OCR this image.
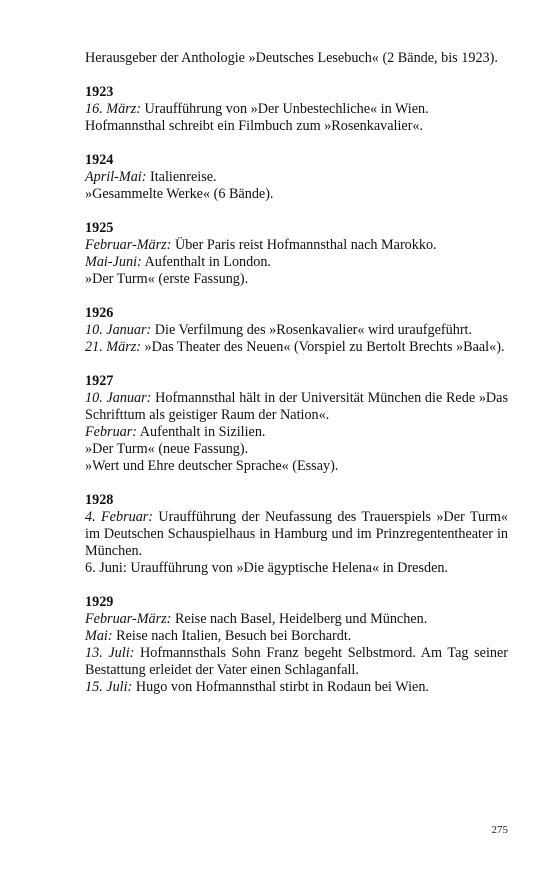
Herausgeber der Anthologie »Deutsches Lesebuch« (2 Bände, bis 1923).
1923
16. März: Uraufführung von »Der Unbestechliche« in Wien.
Hofmannsthal schreibt ein Filmbuch zum »Rosenkavalier«.
1924
April-Mai: Italienreise.
»Gesammelte Werke« (6 Bände).
1925
Februar-März: Über Paris reist Hofmannsthal nach Marokko.
Mai-Juni: Aufenthalt in London.
»Der Turm« (erste Fassung).
1926
10. Januar: Die Verfilmung des »Rosenkavalier« wird uraufgeführt.
21. März: »Das Theater des Neuen« (Vorspiel zu Bertolt Brechts »Baal«).
1927
10. Januar: Hofmannsthal hält in der Universität München die Rede »Das Schrifttum als geistiger Raum der Nation«.
Februar: Aufenthalt in Sizilien.
»Der Turm« (neue Fassung).
»Wert und Ehre deutscher Sprache« (Essay).
1928
4. Februar: Uraufführung der Neufassung des Trauerspiels »Der Turm« im Deutschen Schauspielhaus in Hamburg und im Prinzregententheater in München.
6. Juni: Uraufführung von »Die ägyptische Helena« in Dresden.
1929
Februar-März: Reise nach Basel, Heidelberg und München.
Mai: Reise nach Italien, Besuch bei Borchardt.
13. Juli: Hofmannsthals Sohn Franz begeht Selbstmord. Am Tag seiner Bestattung erleidet der Vater einen Schlaganfall.
15. Juli: Hugo von Hofmannsthal stirbt in Rodaun bei Wien.
275
